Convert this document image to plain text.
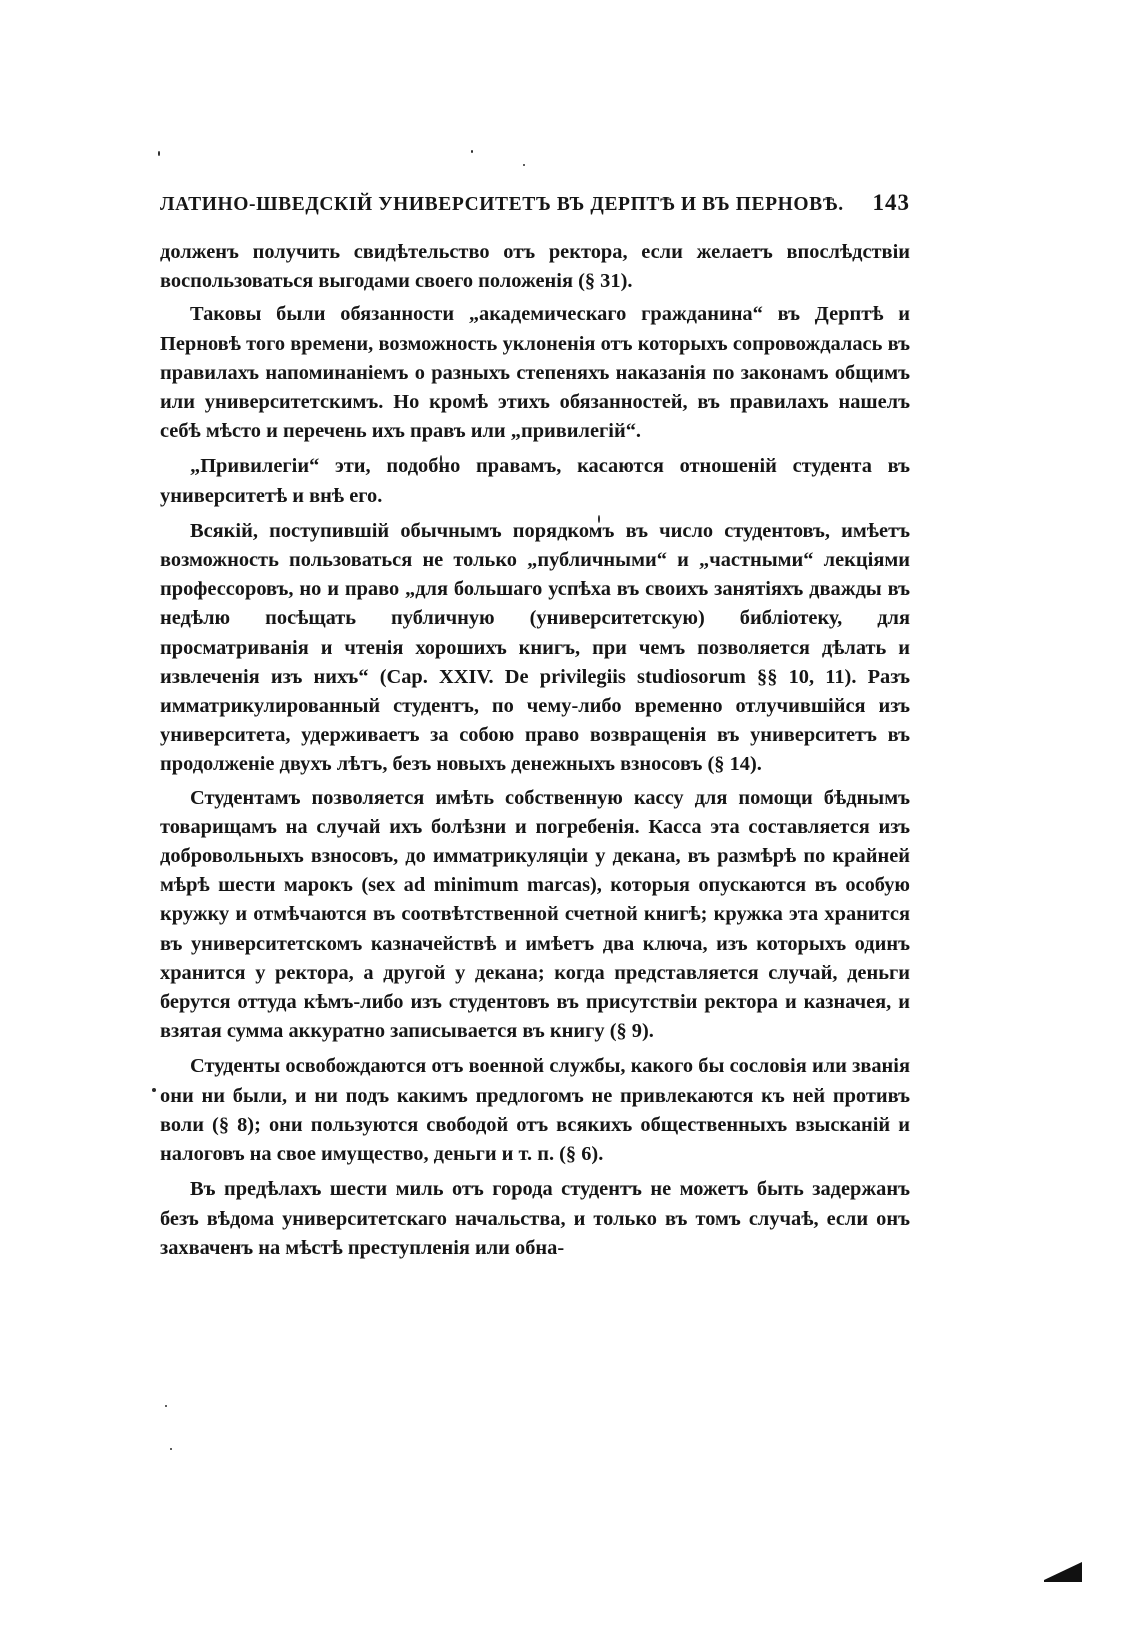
ЛАТИНО-ШВЕДСКІЙ УНИВЕРСИТЕТЪ ВЪ ДЕРПТѢ И ВЪ ПЕРНОВѢ. 143

долженъ получить свидѣтельство отъ ректора, если желаетъ впослѣдствіи воспользоваться выгодами своего положенія (§ 31).

Таковы были обязанности „академическаго гражданина“ въ Дерптѣ и Перновѣ того времени, возможность уклоненія отъ которыхъ сопровождалась въ правилахъ напоминаніемъ о разныхъ степеняхъ наказанія по законамъ общимъ или университетскимъ. Но кромѣ этихъ обязанностей, въ правилахъ нашелъ себѣ мѣсто и перечень ихъ правъ или „привилегій“.

„Привилегіи“ эти, подобно правамъ, касаются отношеній студента въ университетѣ и внѣ его.

Всякій, поступившій обычнымъ порядкомъ въ число студентовъ, имѣетъ возможность пользоваться не только „публичными“ и „частными“ лекціями профессоровъ, но и право „для большаго успѣха въ своихъ занятіяхъ дважды въ недѣлю посѣщать публичную (университетскую) библіотеку, для просматриванія и чтенія хорошихъ книгъ, при чемъ позволяется дѣлать и извлеченія изъ нихъ“ (Cap. XXIV. De privilegiis studiosorum §§ 10, 11). Разъ имматрикулированный студентъ, по чему-либо временно отлучившійся изъ университета, удерживаетъ за собою право возвращенія въ университетъ въ продолженіе двухъ лѣтъ, безъ новыхъ денежныхъ взносовъ (§ 14).

Студентамъ позволяется имѣть собственную кассу для помощи бѣднымъ товарищамъ на случай ихъ болѣзни и погребенія. Касса эта составляется изъ добровольныхъ взносовъ, до имматрикуляціи у декана, въ размѣрѣ по крайней мѣрѣ шести марокъ (sex ad minimum marcas), которыя опускаются въ особую кружку и отмѣчаются въ соотвѣтственной счетной книгѣ; кружка эта хранится въ университетскомъ казначействѣ и имѣетъ два ключа, изъ которыхъ одинъ хранится у ректора, а другой у декана; когда представляется случай, деньги берутся оттуда кѣмъ-либо изъ студентовъ въ присутствіи ректора и казначея, и взятая сумма аккуратно записывается въ книгу (§ 9).

Студенты освобождаются отъ военной службы, какого бы сословія или званія они ни были, и ни подъ какимъ предлогомъ не привлекаются къ ней противъ воли (§ 8); они пользуются свободой отъ всякихъ общественныхъ взысканій и налоговъ на свое имущество, деньги и т. п. (§ 6).

Въ предѣлахъ шести миль отъ города студентъ не можетъ быть задержанъ безъ вѣдома университетскаго начальства, и только въ томъ случаѣ, если онъ захваченъ на мѣстѣ преступленія или обна-
